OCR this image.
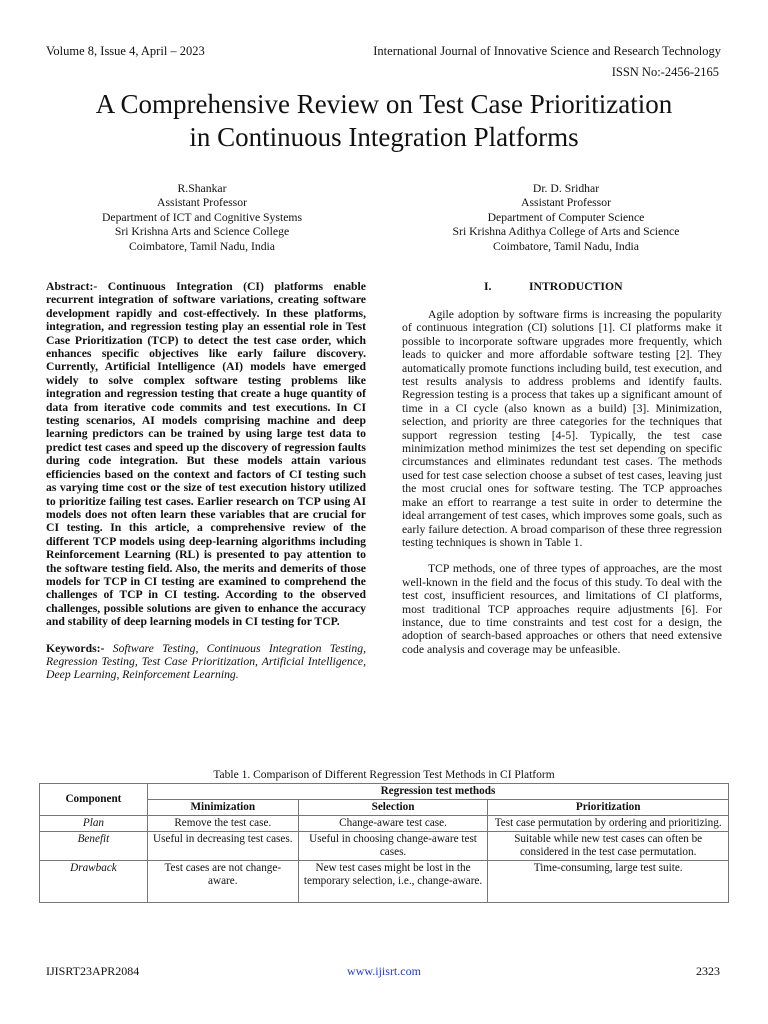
Volume 8, Issue 4, April – 2023	International Journal of Innovative Science and Research Technology
ISSN No:-2456-2165
A Comprehensive Review on Test Case Prioritization
in Continuous Integration Platforms
R.Shankar
Assistant Professor
Department of ICT and Cognitive Systems
Sri Krishna Arts and Science College
Coimbatore, Tamil Nadu, India
Dr. D. Sridhar
Assistant Professor
Department of Computer Science
Sri Krishna Adithya College of Arts and Science
Coimbatore, Tamil Nadu, India
Abstract:- Continuous Integration (CI) platforms enable recurrent integration of software variations, creating software development rapidly and cost-effectively. In these platforms, integration, and regression testing play an essential role in Test Case Prioritization (TCP) to detect the test case order, which enhances specific objectives like early failure discovery. Currently, Artificial Intelligence (AI) models have emerged widely to solve complex software testing problems like integration and regression testing that create a huge quantity of data from iterative code commits and test executions. In CI testing scenarios, AI models comprising machine and deep learning predictors can be trained by using large test data to predict test cases and speed up the discovery of regression faults during code integration. But these models attain various efficiencies based on the context and factors of CI testing such as varying time cost or the size of test execution history utilized to prioritize failing test cases. Earlier research on TCP using AI models does not often learn these variables that are crucial for CI testing. In this article, a comprehensive review of the different TCP models using deep-learning algorithms including Reinforcement Learning (RL) is presented to pay attention to the software testing field. Also, the merits and demerits of those models for TCP in CI testing are examined to comprehend the challenges of TCP in CI testing. According to the observed challenges, possible solutions are given to enhance the accuracy and stability of deep learning models in CI testing for TCP.
Keywords:- Software Testing, Continuous Integration Testing, Regression Testing, Test Case Prioritization, Artificial Intelligence, Deep Learning, Reinforcement Learning.
I.	INTRODUCTION
Agile adoption by software firms is increasing the popularity of continuous integration (CI) solutions [1]. CI platforms make it possible to incorporate software upgrades more frequently, which leads to quicker and more affordable software testing [2]. They automatically promote functions including build, test execution, and test results analysis to address problems and identify faults. Regression testing is a process that takes up a significant amount of time in a CI cycle (also known as a build) [3]. Minimization, selection, and priority are three categories for the techniques that support regression testing [4-5]. Typically, the test case minimization method minimizes the test set depending on specific circumstances and eliminates redundant test cases. The methods used for test case selection choose a subset of test cases, leaving just the most crucial ones for software testing. The TCP approaches make an effort to rearrange a test suite in order to determine the ideal arrangement of test cases, which improves some goals, such as early failure detection. A broad comparison of these three regression testing techniques is shown in Table 1.
TCP methods, one of three types of approaches, are the most well-known in the field and the focus of this study. To deal with the test cost, insufficient resources, and limitations of CI platforms, most traditional TCP approaches require adjustments [6]. For instance, due to time constraints and test cost for a design, the adoption of search-based approaches or others that need extensive code analysis and coverage may be unfeasible.
Table 1. Comparison of Different Regression Test Methods in CI Platform
Component	Regression test methods		
	Minimization	Selection	Prioritization
Plan	Remove the test case.	Change-aware test case.	Test case permutation by ordering and prioritizing.
Benefit	Useful in decreasing test cases.	Useful in choosing change-aware test cases.	Suitable while new test cases can often be considered in the test case permutation.
Drawback	Test cases are not change-aware.	New test cases might be lost in the temporary selection, i.e., change-aware.	Time-consuming, large test suite.
IJISRT23APR2084	www.ijisrt.com	2323
